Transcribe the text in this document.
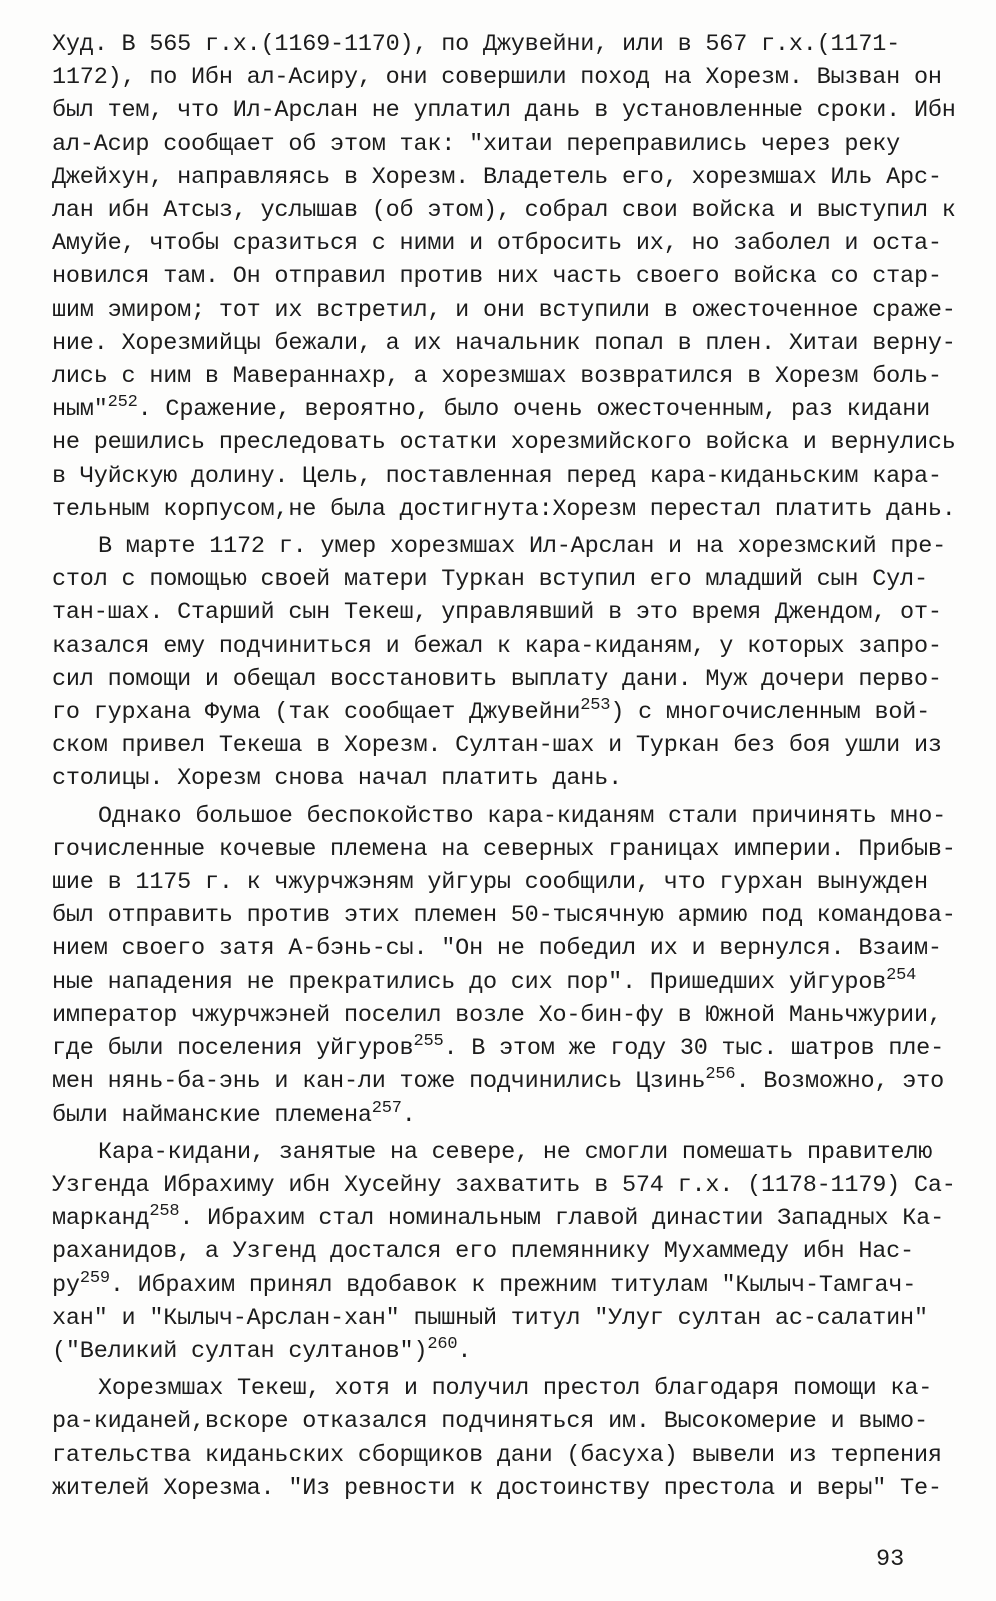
Худ. В 565 г.х.(1169-1170), по Джувейни, или в 567 г.х.(1171-
1172), по Ибн ал-Асиру, они совершили поход на Хорезм. Вызван он
был тем, что Ил-Арслан не уплатил дань в установленные сроки. Ибн
ал-Асир сообщает об этом так: "хитаи переправились через реку
Джейхун, направляясь в Хорезм. Владетель его, хорезмшах Иль Арс-
лан ибн Атсыз, услышав (об этом), собрал свои войска и выступил к
Амуйе, чтобы сразиться с ними и отбросить их, но заболел и оста-
новился там. Он отправил против них часть своего войска со стар-
шим эмиром; тот их встретил, и они вступили в ожесточенное сраже-
ние. Хорезмийцы бежали, а их начальник попал в плен. Хитаи верну-
лись с ним в Мавераннахр, а хорезмшах возвратился в Хорезм боль-
ным"$^{252}$. Сражение, вероятно, было очень ожесточенным, раз кидани
не решились преследовать остатки хорезмийского войска и вернулись
в Чуйскую долину. Цель, поставленная перед кара-киданьским кара-
тельным корпусом,не была достигнута:Хорезм перестал платить дань.
В марте 1172 г. умер хорезмшах Ил-Арслан и на хорезмский пре-
стол с помощью своей матери Туркан вступил его младший сын Сул-
тан-шах. Старший сын Текеш, управлявший в это время Джендом, от-
казался ему подчиниться и бежал к кара-киданям, у которых запро-
сил помощи и обещал восстановить выплату дани. Муж дочери перво-
го гурхана Фума (так сообщает Джувейни$^{253}$) с многочисленным вой-
ском привел Текеша в Хорезм. Султан-шах и Туркан без боя ушли из
столицы. Хорезм снова начал платить дань.
Однако большое беспокойство кара-киданям стали причинять мно-
гочисленные кочевые племена на северных границах империи. Прибыв-
шие в 1175 г. к чжурчжэням уйгуры сообщили, что гурхан вынужден
был отправить против этих племен 50-тысячную армию под командова-
нием своего затя А-бэнь-сы. "Он не победил их и вернулся. Взаим-
ные нападения не прекратились до сих пор". Пришедших уйгуров$^{254}$
император чжурчжэней поселил возле Хо-бин-фу в Южной Маньчжурии,
где были поселения уйгуров$^{255}$. В этом же году 30 тыс. шатров пле-
мен нянь-ба-энь и кан-ли тоже подчинились Цзинь$^{256}$. Возможно, это
были найманские племена$^{257}$.
Кара-кидани, занятые на севере, не смогли помешать правителю
Узгенда Ибрахиму ибн Хусейну захватить в 574 г.х. (1178-1179) Са-
марканд$^{258}$. Ибрахим стал номинальным главой династии Западных Ка-
раханидов, а Узгенд достался его племяннику Мухаммеду ибн Нас-
$ру^{259}$. Ибрахим принял вдобавок к прежним титулам "Кылыч-Тамгач-
хан" и "Кылыч-Арслан-хан" пышный титул "Улуг султан ас-салатин"
("Великий султан султанов")$^{260}$.
Хорезмшах Текеш, хотя и получил престол благодаря помощи ка-
ра-киданей,вскоре отказался подчиняться им. Высокомерие и вымо-
гательства киданьских сборщиков дани (басуха) вывели из терпения
жителей Хорезма. "Из ревности к достоинству престола и веры" Те-
93
